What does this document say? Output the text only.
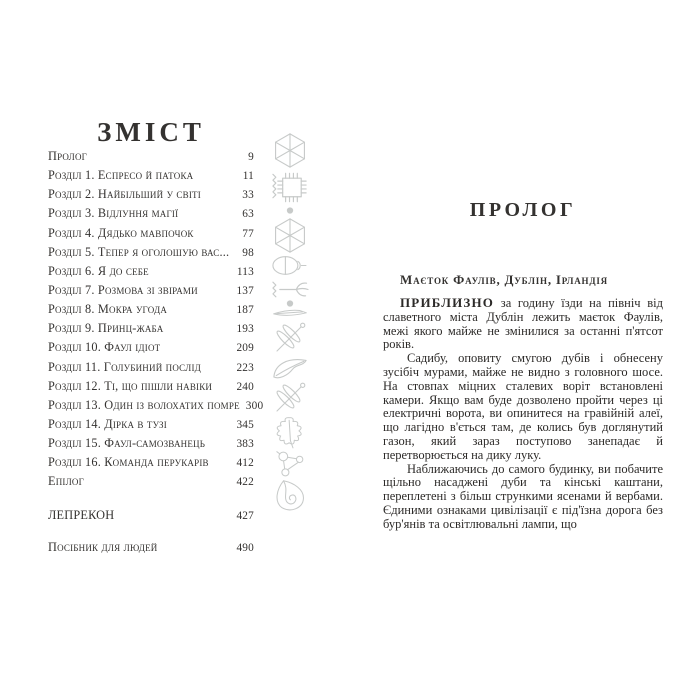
ЗМІСТ
Пролог	9
Розділ 1. Еспресо й патока	11
Розділ 2. Найбільший у світі	33
Розділ 3. Відлуння магії	63
Розділ 4. Дядько мавпочок	77
Розділ 5. Тепер я оголошую вас...	98
Розділ 6. Я до себе	113
Розділ 7. Розмова зі звірами	137
Розділ 8. Мокра угода	187
Розділ 9. Принц-жаба	193
Розділ 10. Фаул ідіот	209
Розділ 11. Голубиний послід	223
Розділ 12. Ті, що пішли навіки	240
Розділ 13. Один із волохатих помре 300
Розділ 14. Дірка в тузі	345
Розділ 15. Фаул-самозванець	383
Розділ 16. Команда перукарів	412
Епілог	422
ЛЕПРЕКОН	427
Посібник для людей	490
ПРОЛОГ

Маєток Фаулів, Дублін, Ірландія

ПРИБЛИЗНО за годину їзди на північ від славетного міста Дублін лежить маєток Фаулів, межі якого майже не змінилися за останні п'ятсот років.

Садибу, оповиту смугою дубів і обнесену зусібіч мурами, майже не видно з головного шосе. На стовпах міцних сталевих воріт встановлені камери. Якщо вам буде дозволено пройти через ці електричні ворота, ви опинитеся на гравійній алеї, що лагідно в'ється там, де колись був доглянутий газон, який зараз поступово занепадає й перетворюється на дику луку.

Наближаючись до самого будинку, ви побачите щільно насаджені дуби та кінські каштани, переплетені з більш стрункими ясенами й вербами. Єдиними ознаками цивілізації є під'їзна дорога без бур'янів та освітлювальні лампи, що
